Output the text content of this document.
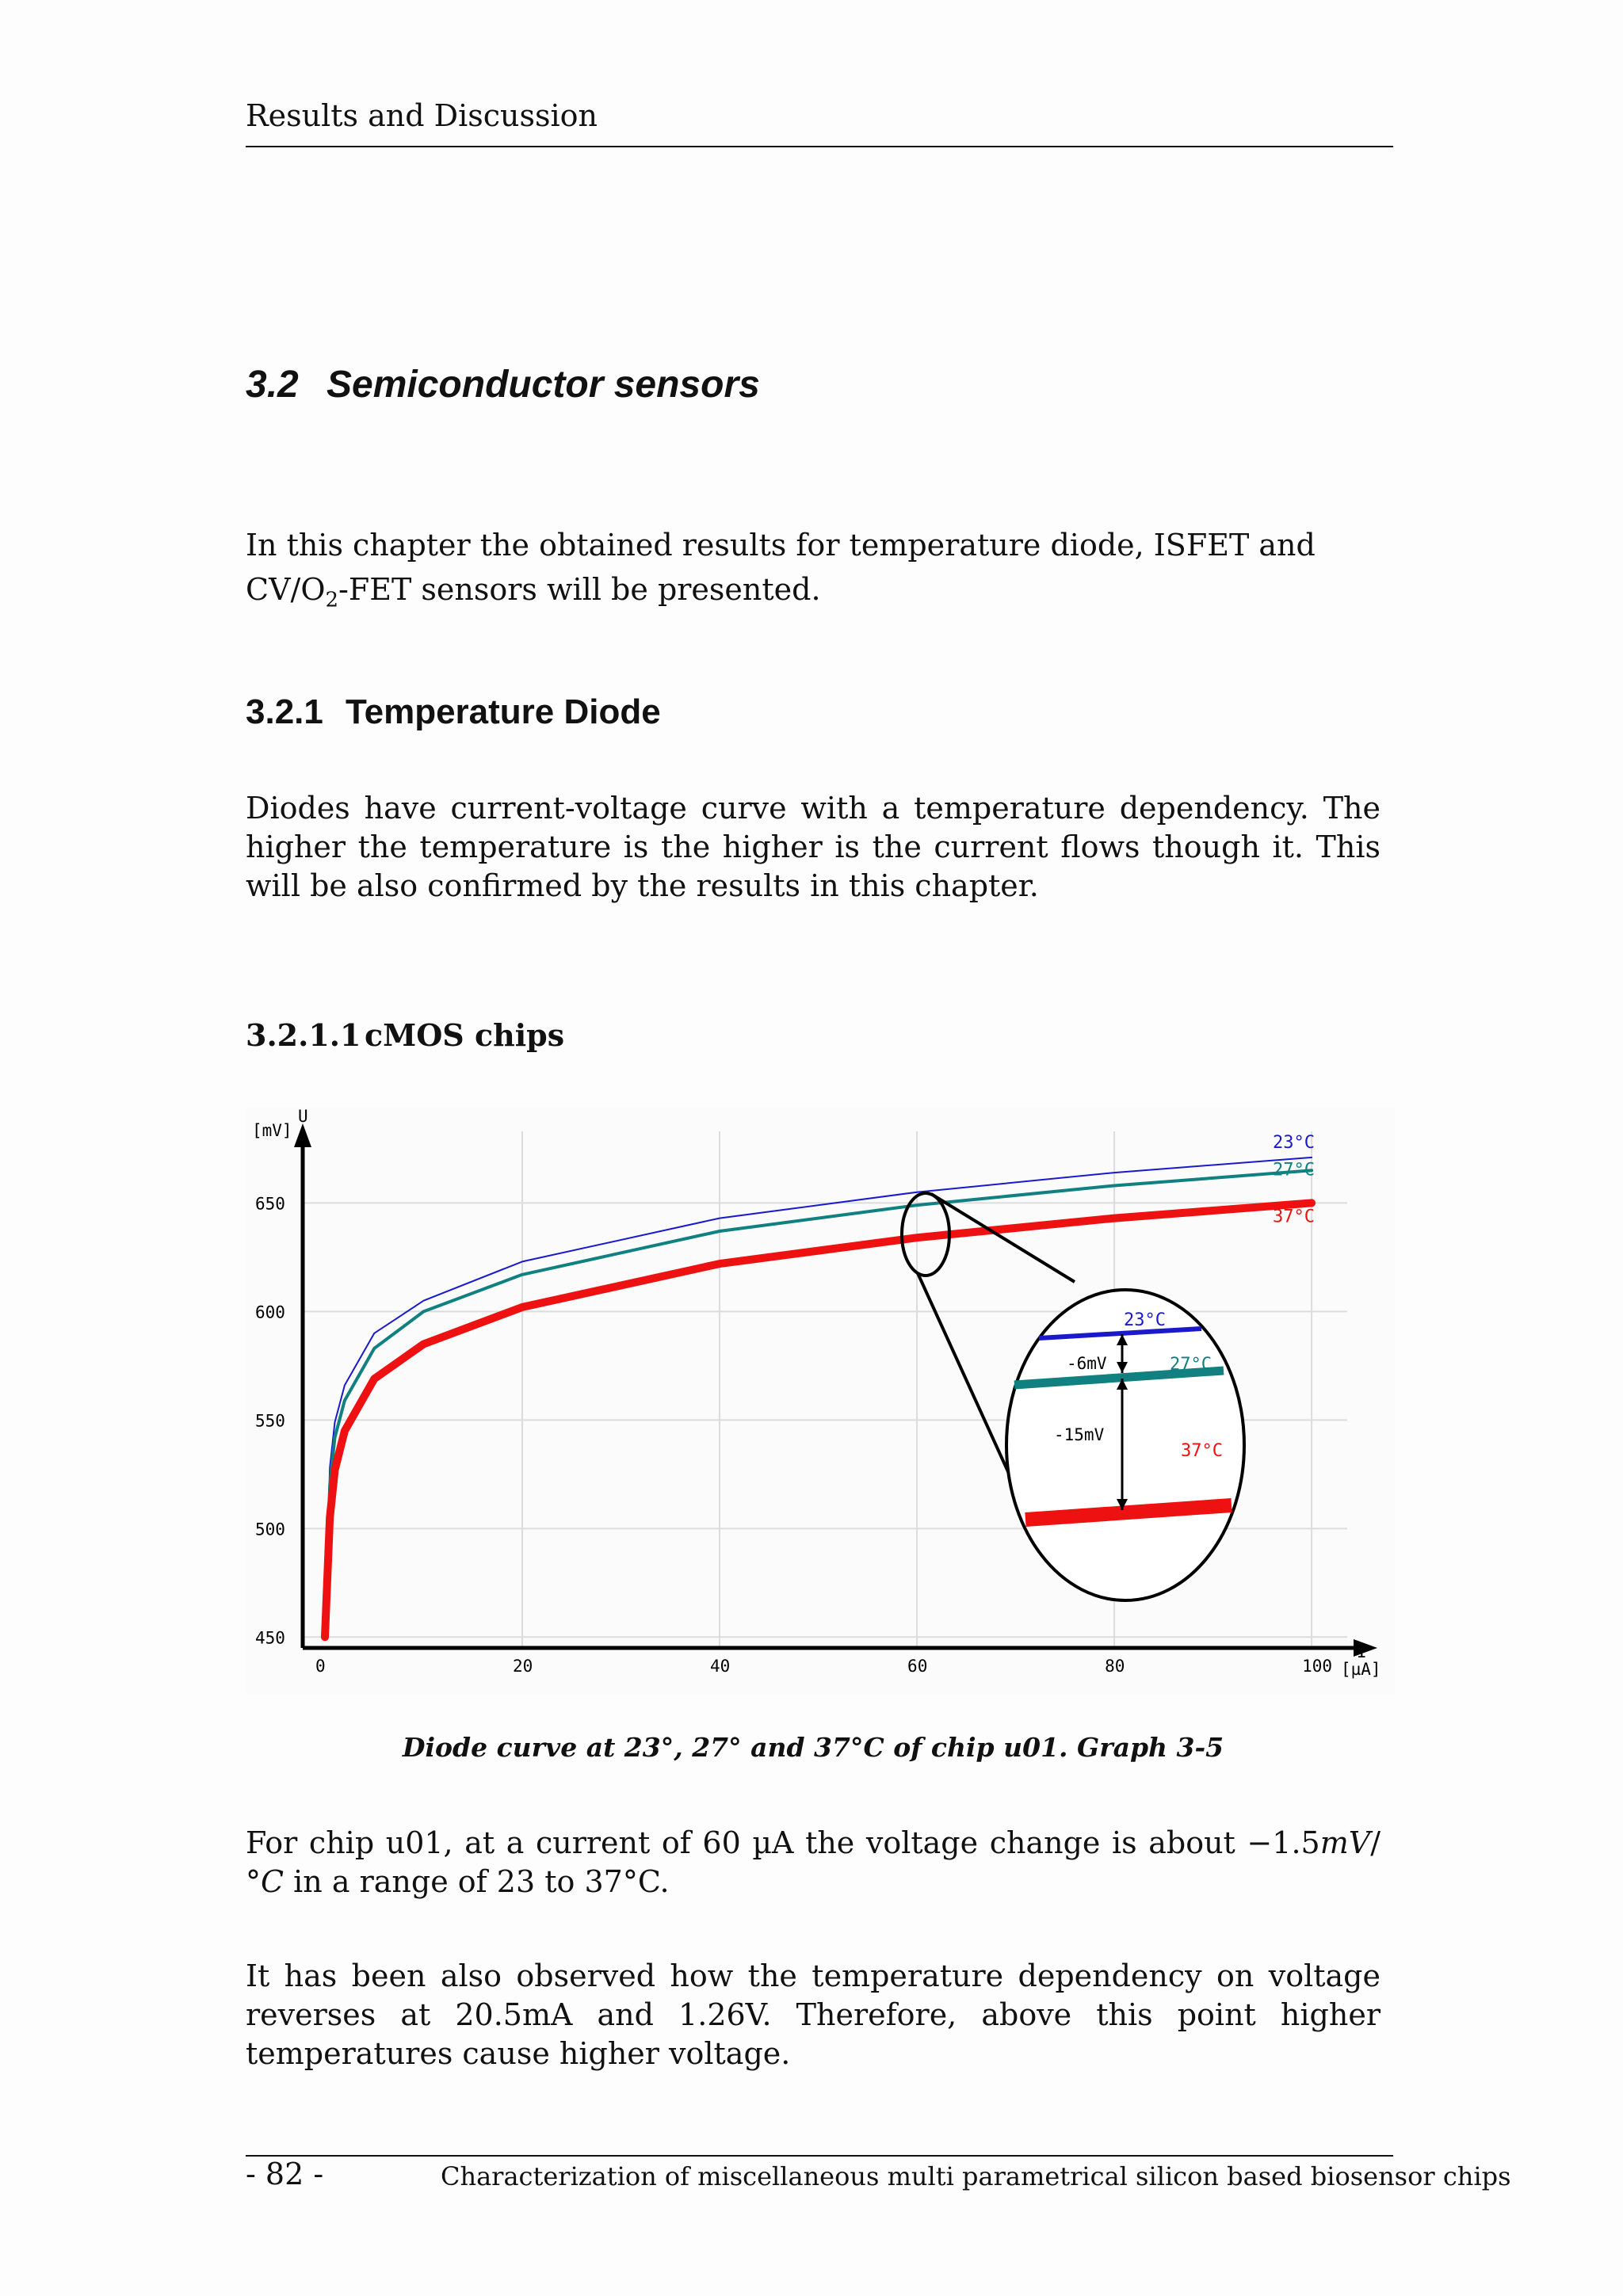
Results and Discussion
3.2 Semiconductor sensors
In this chapter the obtained results for temperature diode, ISFET and $CV/O_2$-FET sensors will be presented.
3.2.1 Temperature Diode
Diodes have current-voltage curve with a temperature dependency. The higher the temperature is the higher is the current flows though it. This will be also confirmed by the results in this chapter.
3.2.1.1 cMOS chips
0	20	40	60	80	100
450
500
550
600
650
U
[mV]
I
[µA]
23°C
27°C
37°C
23°C
27°C
37°C
-6mV
-15mV
Diode curve at 23°, 27° and 37°C of chip u01. Graph 3-5
For chip u01, at a current of 60 µA the voltage change is about −1.5mV/°C in a range of 23 to 37°C.
It has been also observed how the temperature dependency on voltage reverses at 20.5mA and 1.26V. Therefore, above this point higher temperatures cause higher voltage.
- 82 -	Characterization of miscellaneous multi parametrical silicon based biosensor chips
